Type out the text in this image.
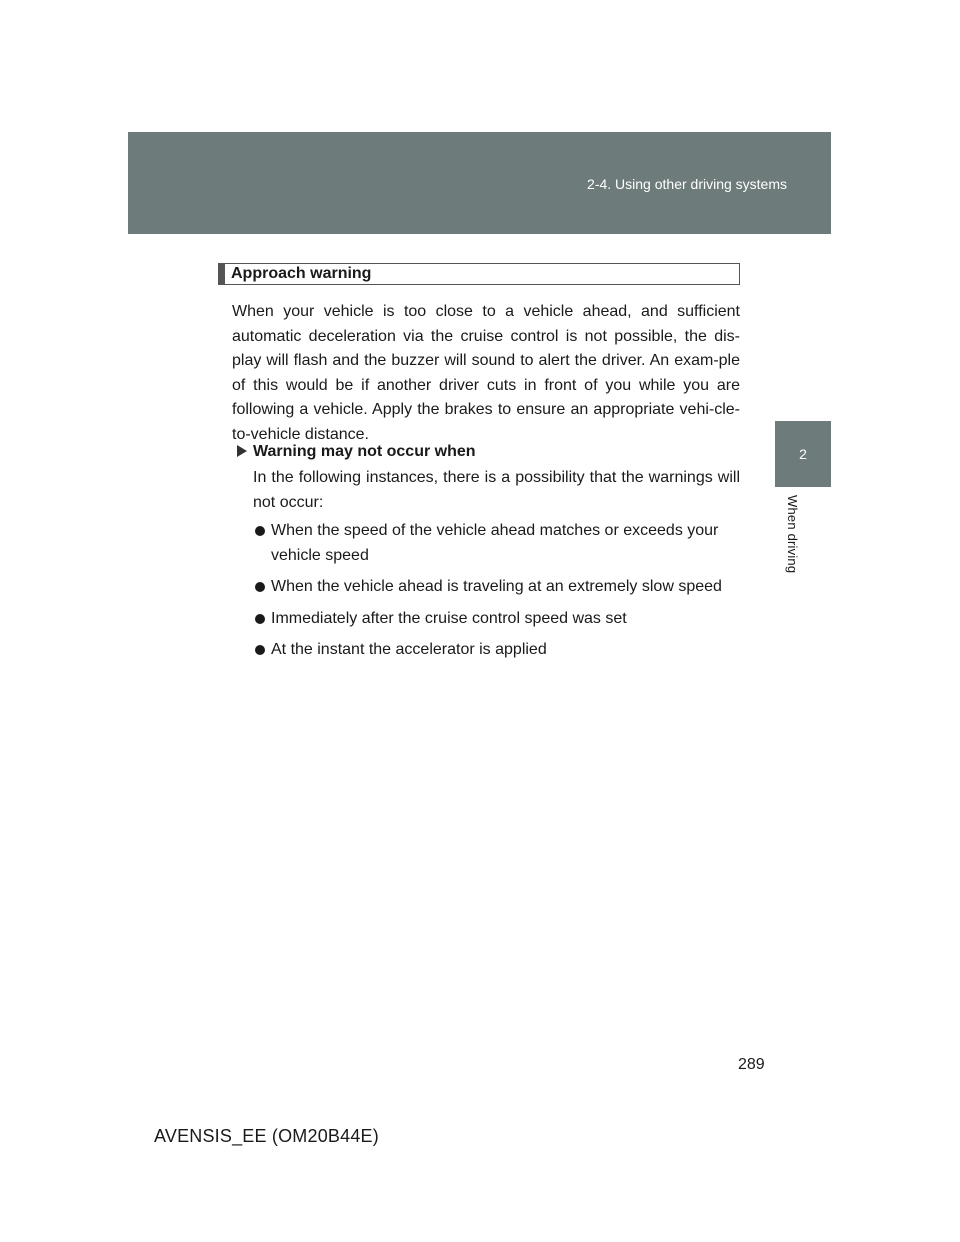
2-4. Using other driving systems
2
When driving
Approach warning
When your vehicle is too close to a vehicle ahead, and sufficient automatic deceleration via the cruise control is not possible, the dis-play will flash and the buzzer will sound to alert the driver. An exam-ple of this would be if another driver cuts in front of you while you are following a vehicle. Apply the brakes to ensure an appropriate vehi-cle-to-vehicle distance.
Warning may not occur when
In the following instances, there is a possibility that the warnings will not occur:
When the speed of the vehicle ahead matches or exceeds your vehicle speed
When the vehicle ahead is traveling at an extremely slow speed
Immediately after the cruise control speed was set
At the instant the accelerator is applied
289
AVENSIS_EE (OM20B44E)
